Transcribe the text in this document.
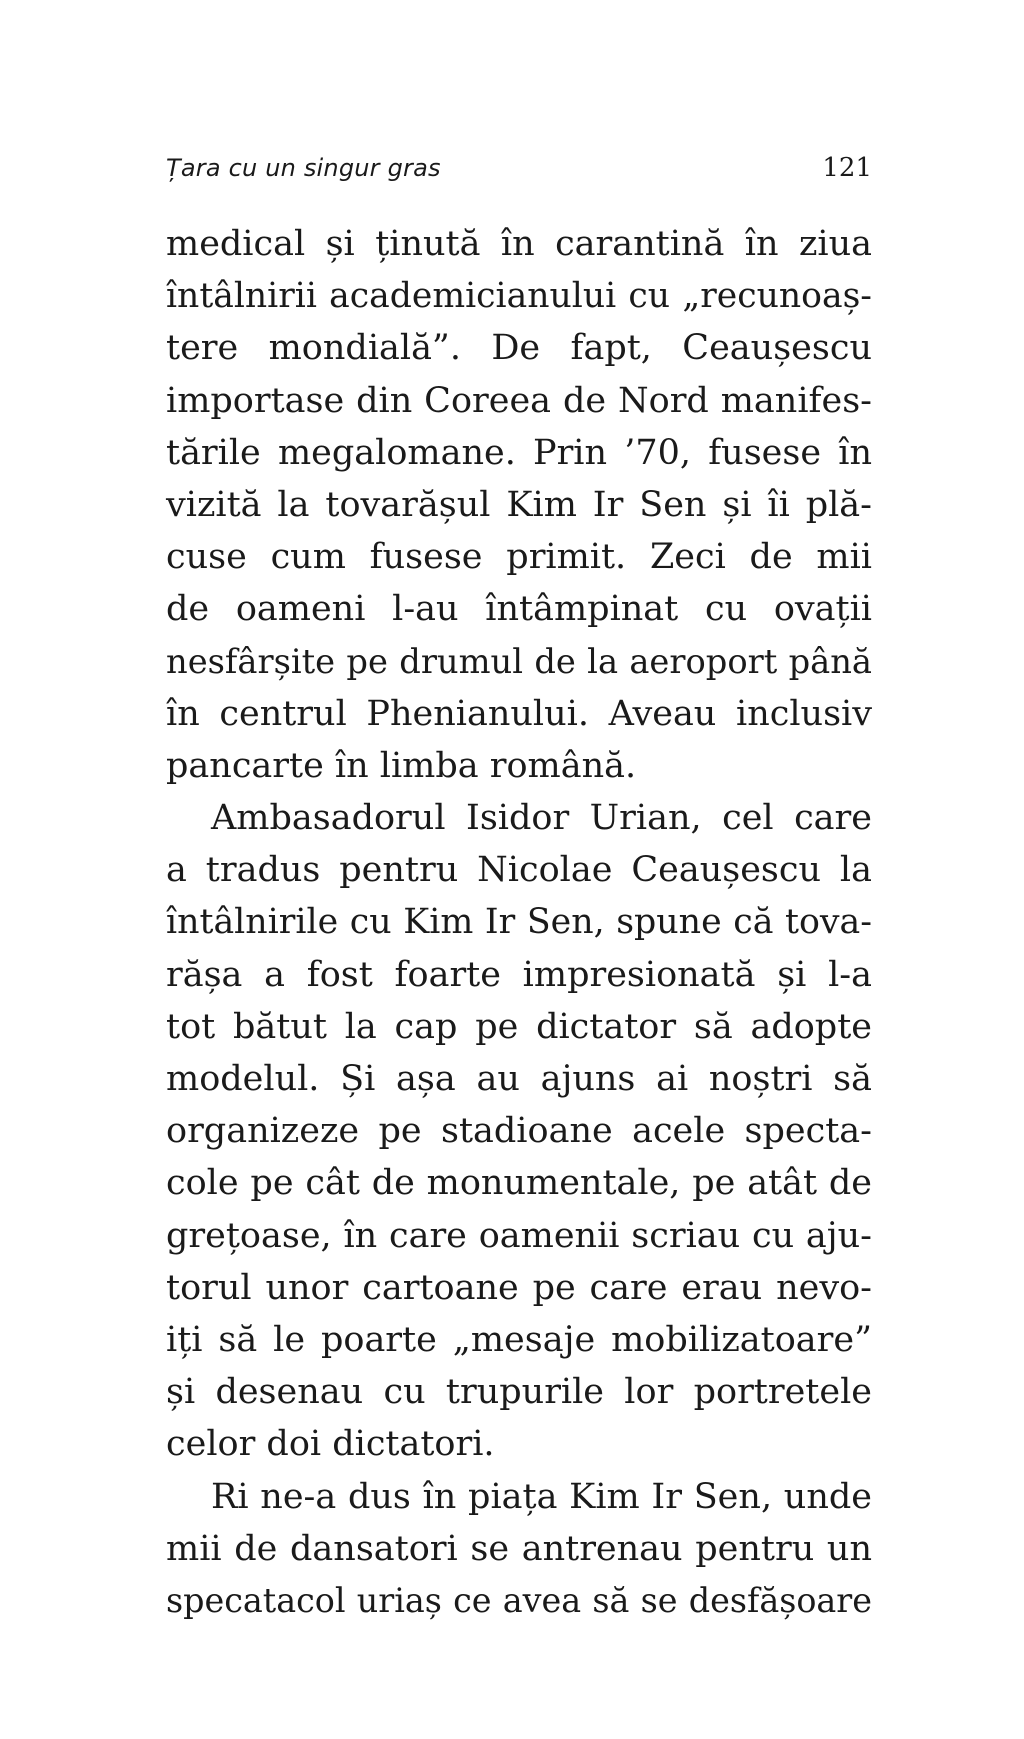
Țara cu un singur gras	121
medical și ținută în carantină în ziua
întâlnirii academicianului cu „recunoaș-
tere mondială”. De fapt, Ceaușescu
importase din Coreea de Nord manifes-
tările megalomane. Prin ’70, fusese în
vizită la tovarășul Kim Ir Sen și îi plă-
cuse cum fusese primit. Zeci de mii
de oameni l-au întâmpinat cu ovații
nesfârșite pe drumul de la aeroport până
în centrul Phenianului. Aveau inclusiv
pancarte în limba română.
Ambasadorul Isidor Urian, cel care
a tradus pentru Nicolae Ceaușescu la
întâlnirile cu Kim Ir Sen, spune că tova-
rășa a fost foarte impresionată și l-a
tot bătut la cap pe dictator să adopte
modelul. Și așa au ajuns ai noștri să
organizeze pe stadioane acele specta-
cole pe cât de monumentale, pe atât de
grețoase, în care oamenii scriau cu aju-
torul unor cartoane pe care erau nevo-
iți să le poarte „mesaje mobilizatoare”
și desenau cu trupurile lor portretele
celor doi dictatori.
Ri ne-a dus în piața Kim Ir Sen, unde
mii de dansatori se antrenau pentru un
specatacol uriaș ce avea să se desfășoare
